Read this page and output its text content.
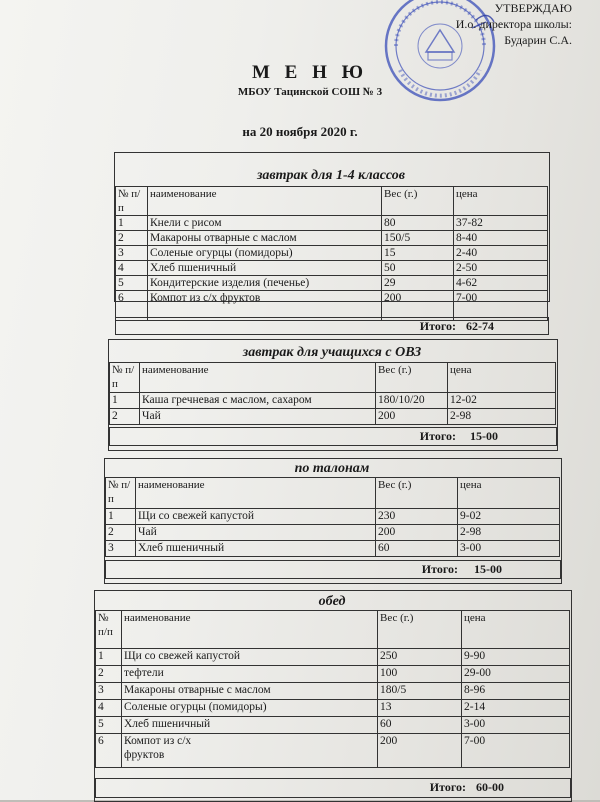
УТВЕРЖДАЮ
И.о. директора школы:
Бударин С.А.
М Е Н Ю
МБОУ Тацинской СОШ № 3
на 20 ноября 2020 г.
завтрак для 1-4 классов
№ п/п	наименование	Вес (г.)	цена
1	Кнели с рисом	80	37-82
2	Макароны отварные с маслом	150/5	8-40
3	Соленые огурцы (помидоры)	15	2-40
4	Хлеб пшеничный	50	2-50
5	Кондитерские изделия (печенье)	29	4-62
6	Компот из с/х фруктов	200	7-00
Итого: 62-74
завтрак для учащихся с ОВЗ
№ п/п	наименование	Вес (г.)	цена
1	Каша гречневая с маслом, сахаром	180/10/20	12-02
2	Чай	200	2-98
Итого: 15-00
по талонам
№ п/п	наименование	Вес (г.)	цена
1	Щи со свежей капустой	230	9-02
2	Чай	200	2-98
3	Хлеб пшеничный	60	3-00
Итого: 15-00
обед
№ п/п	наименование	Вес (г.)	цена
1	Щи со свежей капустой	250	9-90
2	тефтели	100	29-00
3	Макароны отварные с маслом	180/5	8-96
4	Соленые огурцы (помидоры)	13	2-14
5	Хлеб пшеничный	60	3-00
6	Компот из с/х фруктов	200	7-00
Итого: 60-00
